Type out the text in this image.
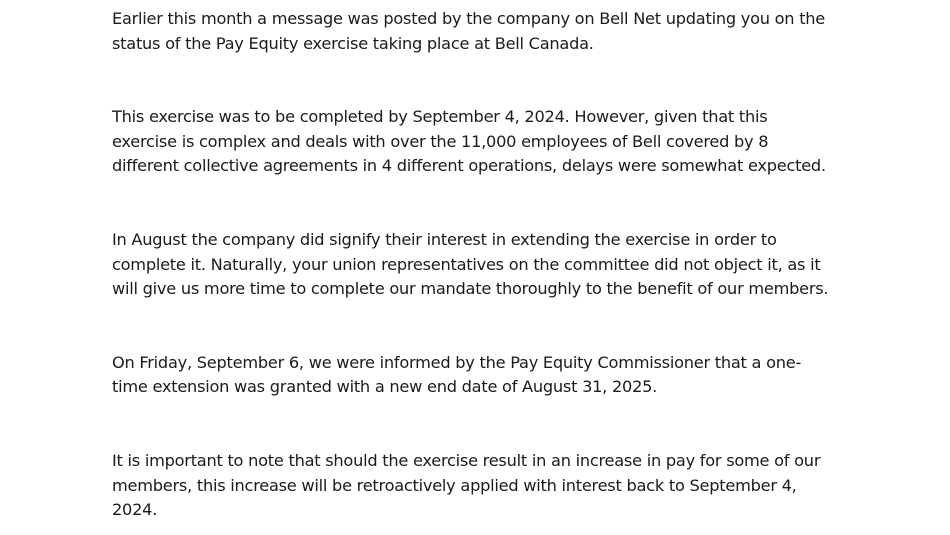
Earlier this month a message was posted by the company on Bell Net updating you on the
status of the Pay Equity exercise taking place at Bell Canada.

This exercise was to be completed by September 4, 2024. However, given that this
exercise is complex and deals with over the 11,000 employees of Bell covered by 8
different collective agreements in 4 different operations, delays were somewhat expected.

In August the company did signify their interest in extending the exercise in order to
complete it. Naturally, your union representatives on the committee did not object it, as it
will give us more time to complete our mandate thoroughly to the benefit of our members.

On Friday, September 6, we were informed by the Pay Equity Commissioner that a one-
time extension was granted with a new end date of August 31, 2025.

It is important to note that should the exercise result in an increase in pay for some of our
members, this increase will be retroactively applied with interest back to September 4,
2024.
